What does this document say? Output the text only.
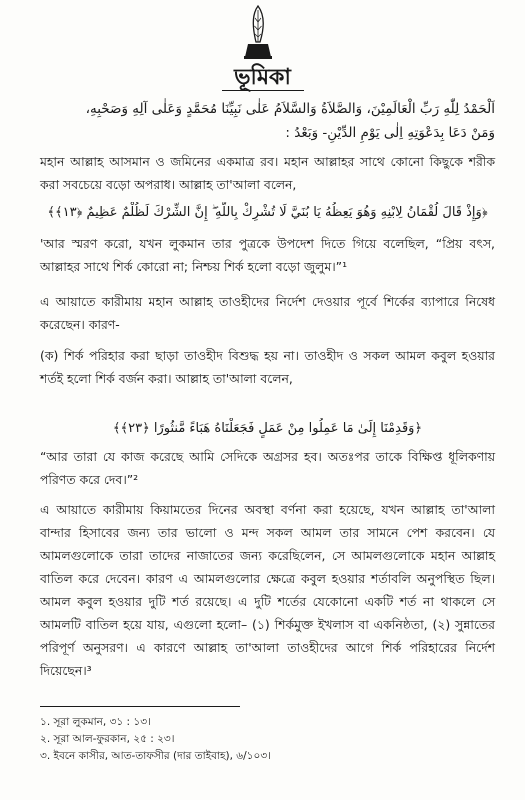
ভূমিকা
اَلْحَمْدُ لِلّٰهِ رَبِّ الْعَالَمِيْنَ، وَالصَّلاَةُ وَالسَّلاَمُ عَلٰى نَبِيِّنَا مُحَمَّدٍ وَعَلٰى آلِهِ وَصَحْبِهِ،
وَمَنْ دَعَا بِدَعْوَتِهِ اِلٰى يَوْمِ الدِّيْنِ- وَبَعْدُ :
মহান আল্লাহ আসমান ও জমিনের একমাত্র রব। মহান আল্লাহর সাথে কোনো কিছুকে শরীক করা সবচেয়ে বড়ো অপরাধ। আল্লাহ তা'আলা বলেন,
﴿وَإِذْ قَالَ لُقْمَانُ لِابْنِهِ وَهُوَ يَعِظُهُ يَا بُنَيَّ لَا تُشْرِكْ بِاللَّهِ ۖ إِنَّ الشِّرْكَ لَظُلْمٌ عَظِيمٌ ﴿١٣﴾﴾
'আর স্মরণ করো, যখন লুকমান তার পুত্রকে উপদেশ দিতে গিয়ে বলেছিল, “প্রিয় বৎস, আল্লাহর সাথে শির্ক কোরো না; নিশ্চয় শির্ক হলো বড়ো জুলুম।”¹
এ আয়াতে কারীমায় মহান আল্লাহ তাওহীদের নির্দেশ দেওয়ার পূর্বে শির্কের ব্যাপারে নিষেধ করেছেন। কারণ-
(ক) শির্ক পরিহার করা ছাড়া তাওহীদ বিশুদ্ধ হয় না। তাওহীদ ও সকল আমল কবুল হওয়ার শর্তই হলো শির্ক বর্জন করা। আল্লাহ তা'আলা বলেন,
﴿وَقَدِمْنَا إِلَىٰ مَا عَمِلُوا مِنْ عَمَلٍ فَجَعَلْنَاهُ هَبَاءً مَّنثُورًا ﴿٢٣﴾﴾
“আর তারা যে কাজ করেছে আমি সেদিকে অগ্রসর হব। অতঃপর তাকে বিক্ষিপ্ত ধূলিকণায় পরিণত করে দেব।”²
এ আয়াতে কারীমায় কিয়ামতের দিনের অবস্থা বর্ণনা করা হয়েছে, যখন আল্লাহ তা'আলা বান্দার হিসাবের জন্য তার ভালো ও মন্দ সকল আমল তার সামনে পেশ করবেন। যে আমলগুলোকে তারা তাদের নাজাতের জন্য করেছিলেন, সে আমলগুলোকে মহান আল্লাহ বাতিল করে দেবেন। কারণ এ আমলগুলোর ক্ষেত্রে কবুল হওয়ার শর্তাবলি অনুপস্থিত ছিল। আমল কবুল হওয়ার দুটি শর্ত রয়েছে। এ দুটি শর্তের যেকোনো একটি শর্ত না থাকলে সে আমলটি বাতিল হয়ে যায়, এগুলো হলো– (১) শির্কমুক্ত ইখলাস বা একনিষ্ঠতা, (২) সুন্নাতের পরিপূর্ণ অনুসরণ। এ কারণে আল্লাহ তা'আলা তাওহীদের আগে শির্ক পরিহারের নির্দেশ দিয়েছেন।³
১. সূরা লুকমান, ৩১ : ১৩।
২. সূরা আল-ফুরকান, ২৫ : ২৩।
৩. ইবনে কাসীর, আত-তাফসীর (দার তাইবাহ), ৬/১০৩।
